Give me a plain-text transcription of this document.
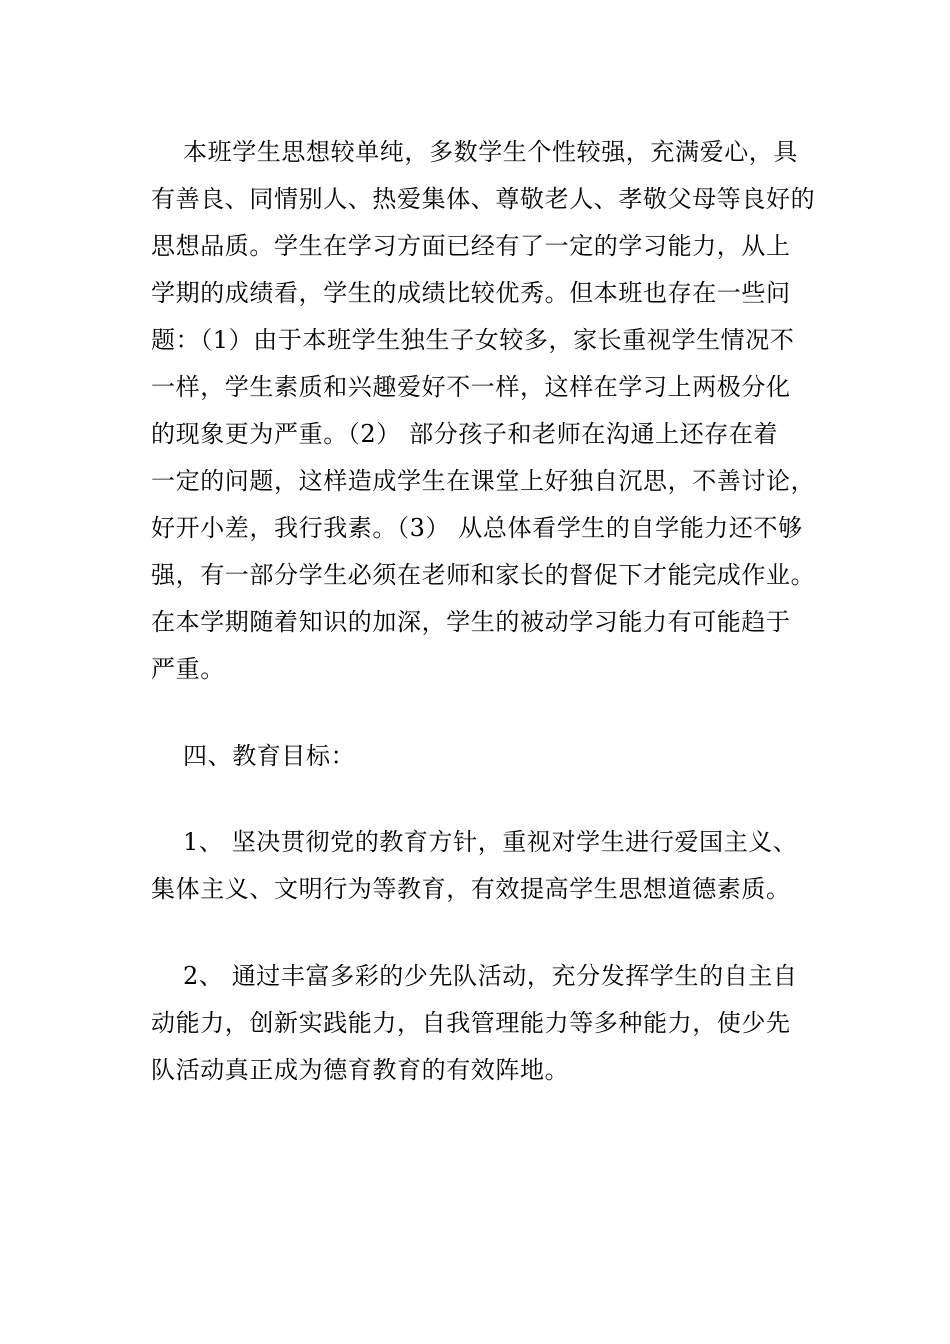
本班学生思想较单纯，多数学生个性较强，充满爱心，具
有善良、同情别人、热爱集体、尊敬老人、孝敬父母等良好的
思想品质。学生在学习方面已经有了一定的学习能力，从上
学期的成绩看，学生的成绩比较优秀。但本班也存在一些问
题：（1）由于本班学生独生子女较多，家长重视学生情况不
一样，学生素质和兴趣爱好不一样，这样在学习上两极分化
的现象更为严重。（2） 部分孩子和老师在沟通上还存在着
一定的问题，这样造成学生在课堂上好独自沉思，不善讨论，
好开小差，我行我素。（3） 从总体看学生的自学能力还不够
强，有一部分学生必须在老师和家长的督促下才能完成作业。
在本学期随着知识的加深，学生的被动学习能力有可能趋于
严重。
四、教育目标：
1、 坚决贯彻党的教育方针，重视对学生进行爱国主义、
集体主义、文明行为等教育，有效提高学生思想道德素质。
2、 通过丰富多彩的少先队活动，充分发挥学生的自主自
动能力，创新实践能力，自我管理能力等多种能力，使少先
队活动真正成为德育教育的有效阵地。
